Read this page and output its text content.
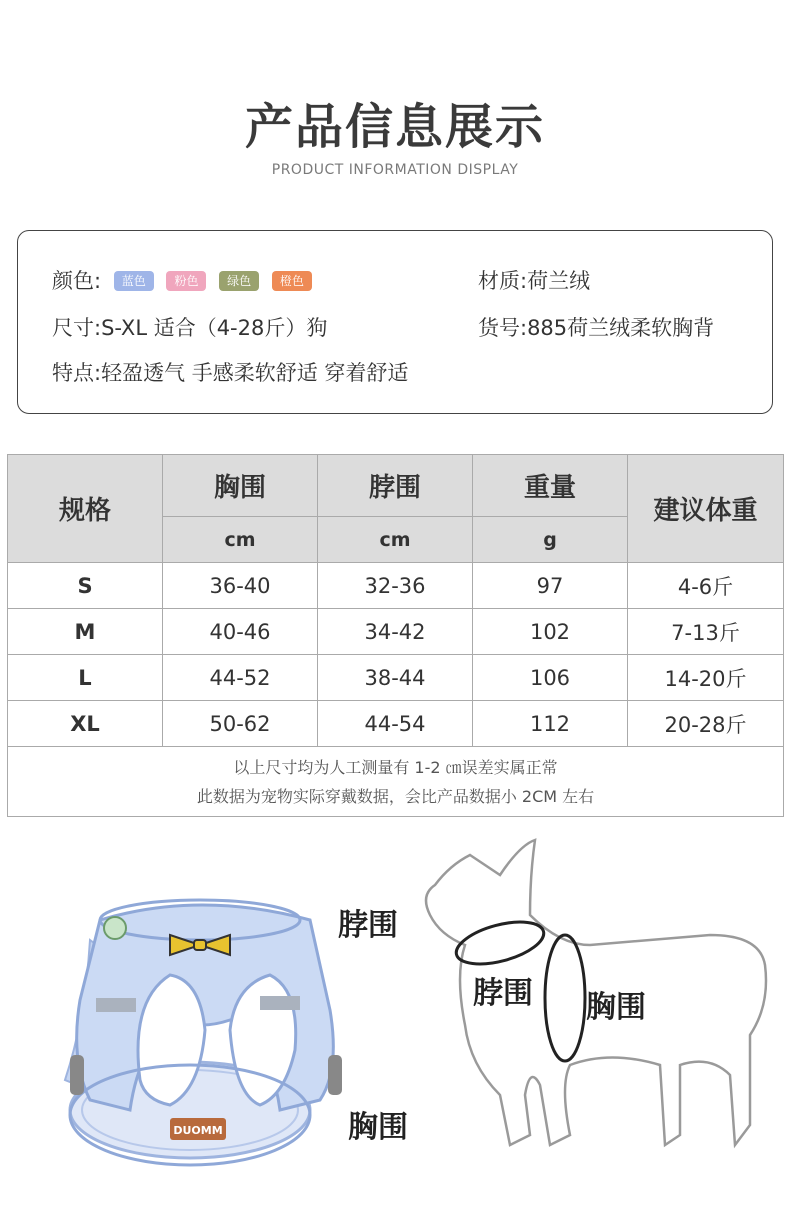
产品信息展示
PRODUCT INFORMATION DISPLAY
颜色: 蓝色 粉色 绿色 橙色	材质:荷兰绒
尺寸:S-XL 适合（4-28斤）狗	货号:885荷兰绒柔软胸背
特点:轻盈透气 手感柔软舒适 穿着舒适
规格	胸围	脖围	重量	建议体重
	cm	cm	g	
S	36-40	32-36	97	4-6斤
M	40-46	34-42	102	7-13斤
L	44-52	38-44	106	14-20斤
XL	50-62	44-54	112	20-28斤

以上尺寸均为人工测量有 1-2 ㎝误差实属正常
此数据为宠物实际穿戴数据，会比产品数据小 2CM 左右				
DUOMM
脖围
胸围
脖围 胸围
